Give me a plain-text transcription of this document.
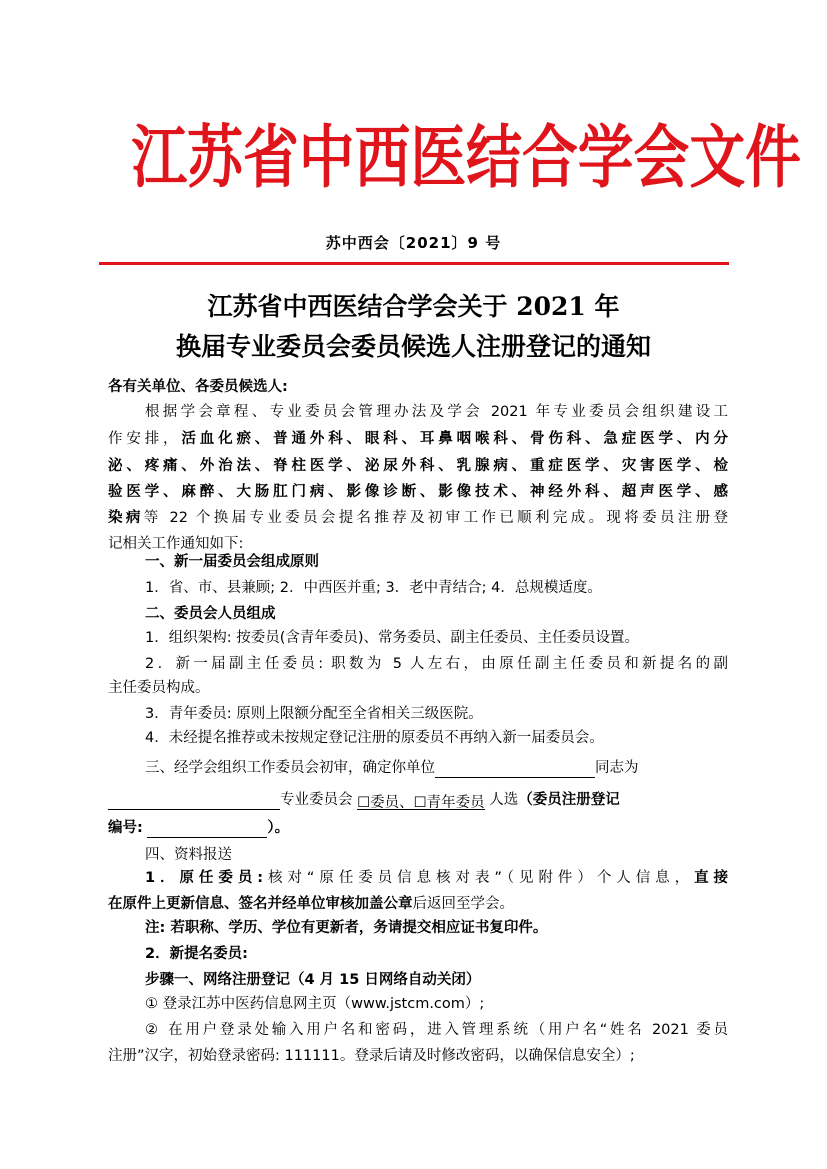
江苏省中西医结合学会文件
苏中西会〔2021〕9 号
江苏省中西医结合学会关于 2021 年
换届专业委员会委员候选人注册登记的通知
各有关单位、各委员候选人:
根据学会章程、专业委员会管理办法及学会 2021 年专业委员会组织建设工
作安排，活血化瘀、普通外科、眼科、耳鼻咽喉科、骨伤科、急症医学、内分
泌、疼痛、外治法、脊柱医学、泌尿外科、乳腺病、重症医学、灾害医学、检
验医学、麻醉、大肠肛门病、影像诊断、影像技术、神经外科、超声医学、感
染病等 22 个换届专业委员会提名推荐及初审工作已顺利完成。现将委员注册登
记相关工作通知如下:
一、新一届委员会组成原则
1．省、市、县兼顾; 2．中西医并重; 3．老中青结合; 4．总规模适度。
二、委员会人员组成
1．组织架构: 按委员(含青年委员)、常务委员、副主任委员、主任委员设置。
2．新一届副主任委员: 职数为 5 人左右，由原任副主任委员和新提名的副
主任委员构成。
3．青年委员: 原则上限额分配至全省相关三级医院。
4．未经提名推荐或未按规定登记注册的原委员不再纳入新一届委员会。
三、经学会组织工作委员会初审，确定你单位	同志为
专业委员会 ☐委员、☐青年委员 人选（委员注册登记
编号:	）。
四、资料报送
1．原任委员:核对“原任委员信息核对表”（见附件）个人信息，直接
在原件上更新信息、签名并经单位审核加盖公章后返回至学会。
注: 若职称、学历、学位有更新者，务请提交相应证书复印件。
2．新提名委员:
步骤一、网络注册登记（4 月 15 日网络自动关闭）
① 登录江苏中医药信息网主页（www.jstcm.com）;
② 在用户登录处输入用户名和密码，进入管理系统（用户名“姓名 2021 委员
注册”汉字，初始登录密码: 111111。登录后请及时修改密码，以确保信息安全）;
